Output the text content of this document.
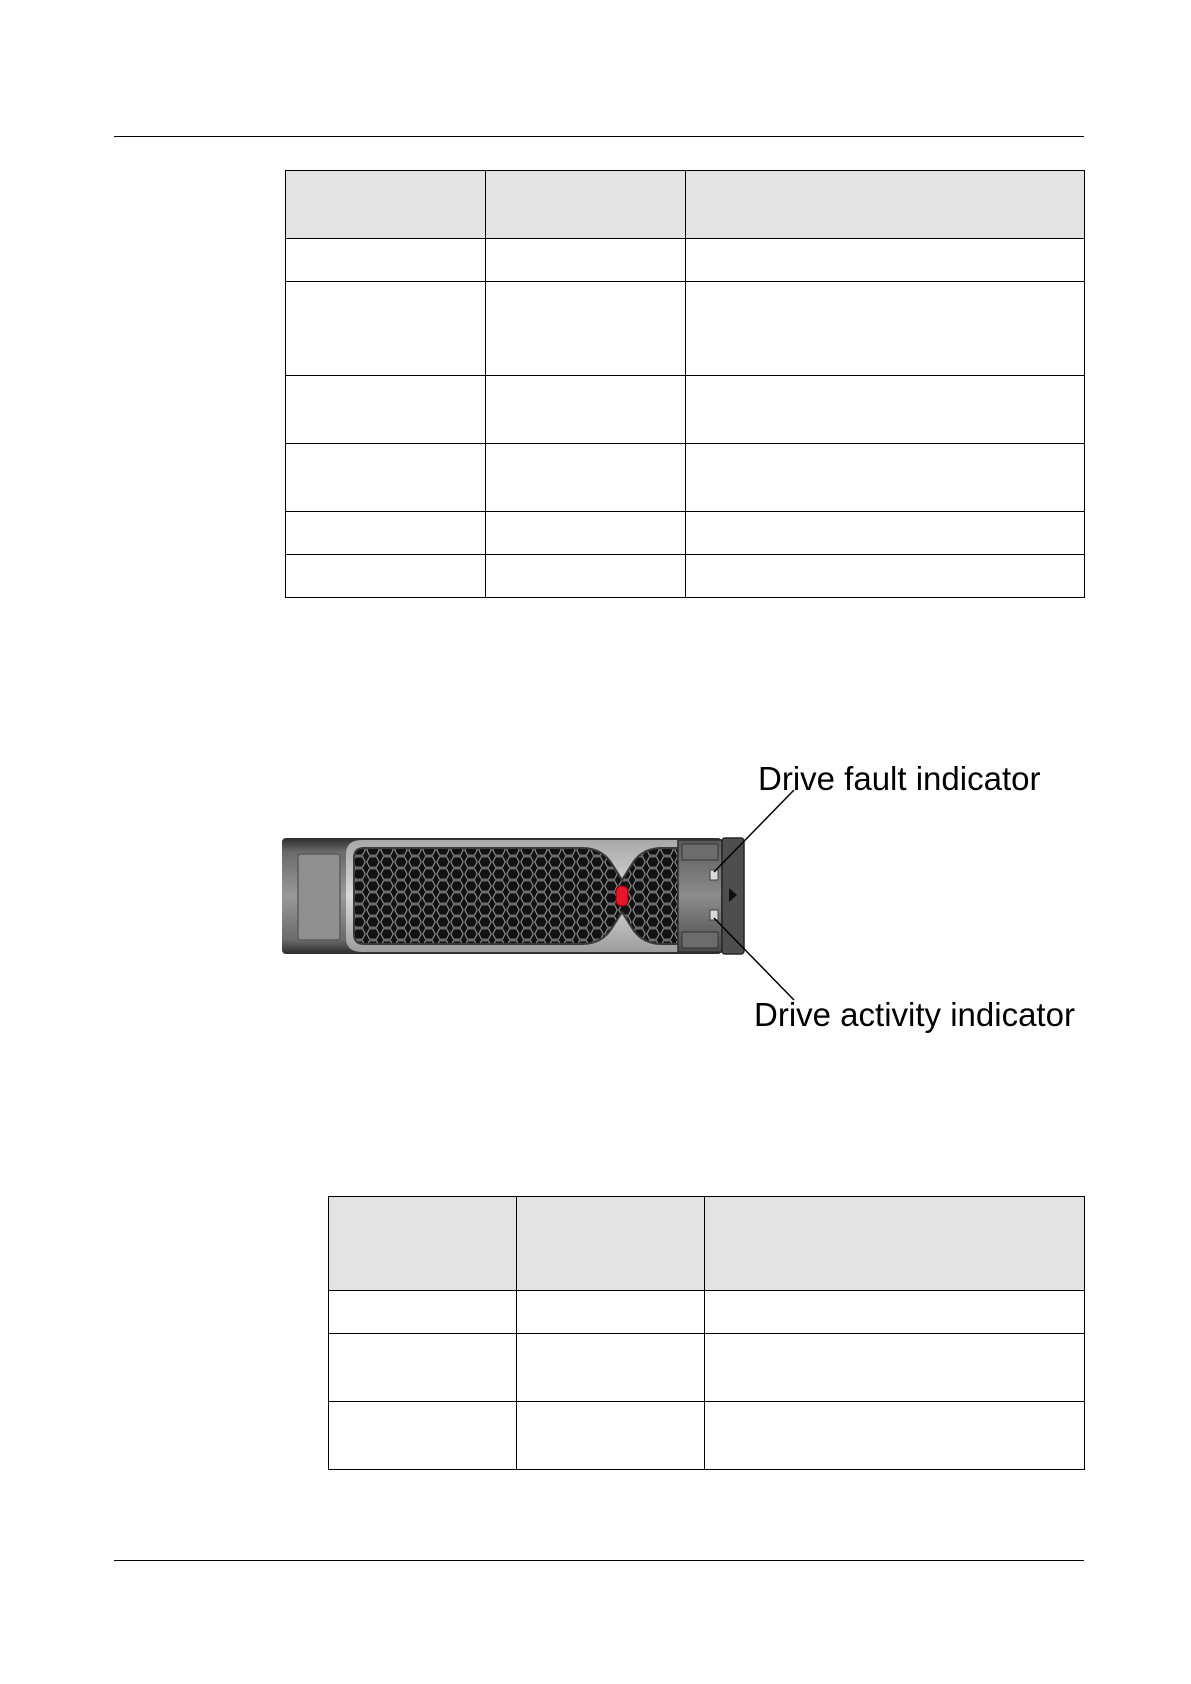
Drive fault indicator
Drive activity indicator
